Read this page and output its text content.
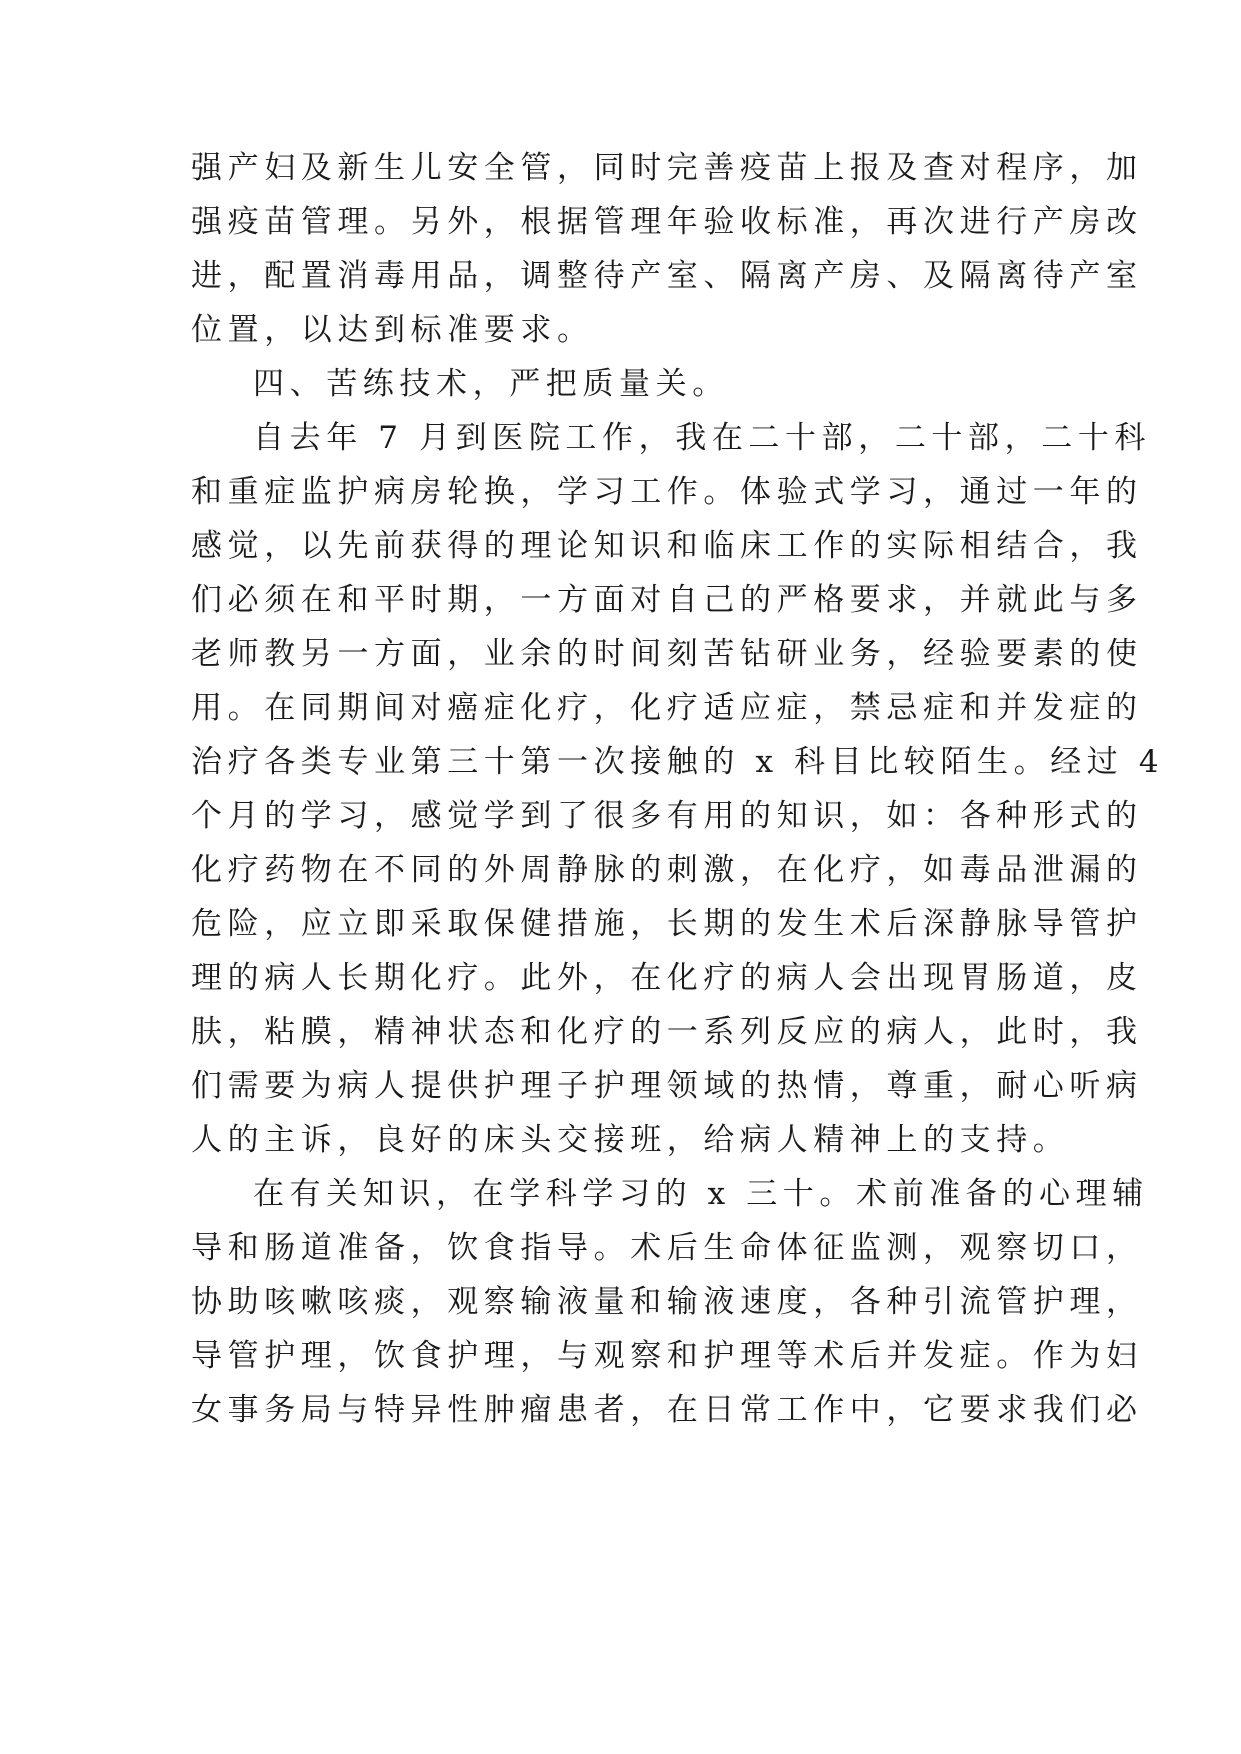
强产妇及新生儿安全管，同时完善疫苗上报及查对程序，加
强疫苗管理。另外，根据管理年验收标准，再次进行产房改
进，配置消毒用品，调整待产室、隔离产房、及隔离待产室
位置，以达到标准要求。
四、苦练技术，严把质量关。
自去年 7 月到医院工作，我在二十部，二十部，二十科
和重症监护病房轮换，学习工作。体验式学习，通过一年的
感觉，以先前获得的理论知识和临床工作的实际相结合，我
们必须在和平时期，一方面对自己的严格要求，并就此与多
老师教另一方面，业余的时间刻苦钻研业务，经验要素的使
用。在同期间对癌症化疗，化疗适应症，禁忌症和并发症的
治疗各类专业第三十第一次接触的 x 科目比较陌生。经过 4
个月的学习，感觉学到了很多有用的知识，如：各种形式的
化疗药物在不同的外周静脉的刺激，在化疗，如毒品泄漏的
危险，应立即采取保健措施，长期的发生术后深静脉导管护
理的病人长期化疗。此外，在化疗的病人会出现胃肠道，皮
肤，粘膜，精神状态和化疗的一系列反应的病人，此时，我
们需要为病人提供护理子护理领域的热情，尊重，耐心听病
人的主诉，良好的床头交接班，给病人精神上的支持。
在有关知识，在学科学习的 x 三十。术前准备的心理辅
导和肠道准备，饮食指导。术后生命体征监测，观察切口，
协助咳嗽咳痰，观察输液量和输液速度，各种引流管护理，
导管护理，饮食护理，与观察和护理等术后并发症。作为妇
女事务局与特异性肿瘤患者，在日常工作中，它要求我们必
